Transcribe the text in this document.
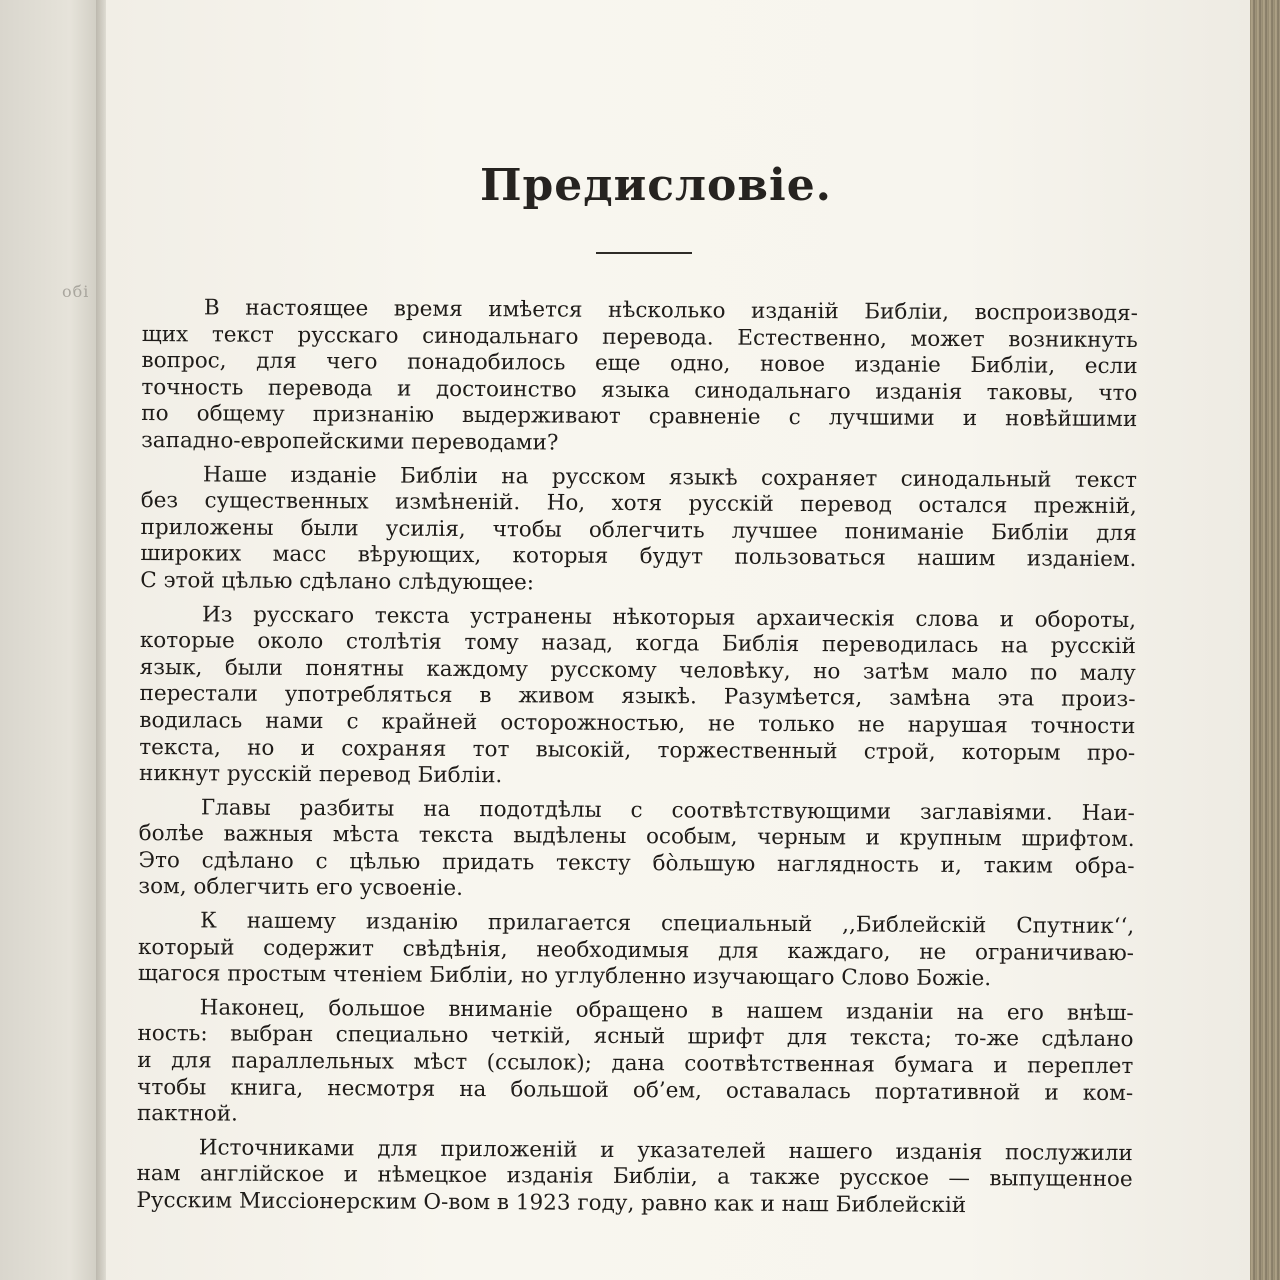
обі
Предисловіе.
В настоящее время имѣется нѣсколько изданій Библіи, воспроизводя-
щих текст русскаго синодальнаго перевода. Естественно, может возникнуть
вопрос, для чего понадобилось еще одно, новое изданіе Библіи, если
точность перевода и достоинство языка синодальнаго изданія таковы, что
по общему признанію выдерживают сравненіе с лучшими и новѣйшими
западно-европейскими переводами?
Наше изданіе Библіи на русском языкѣ сохраняет синодальный текст
без существенных измѣненій. Но, хотя русскій перевод остался прежній,
приложены были усилія, чтобы облегчить лучшее пониманіе Библіи для
широких масс вѣрующих, которыя будут пользоваться нашим изданіем.
С этой цѣлью сдѣлано слѣдующее:
Из русскаго текста устранены нѣкоторыя архаическія слова и обороты,
которые около столѣтія тому назад, когда Библія переводилась на русскій
язык, были понятны каждому русскому человѣку, но затѣм мало по малу
перестали употребляться в живом языкѣ. Разумѣется, замѣна эта произ-
водилась нами с крайней осторожностью, не только не нарушая точности
текста, но и сохраняя тот высокій, торжественный строй, которым про-
никнут русскій перевод Библіи.
Главы разбиты на подотдѣлы с соотвѣтствующими заглавіями. Наи-
болѣе важныя мѣста текста выдѣлены особым, черным и крупным шрифтом.
Это сдѣлано с цѣлью придать тексту бо̀льшую наглядность и, таким обра-
зом, облегчить его усвоеніе.
К нашему изданію прилагается специальный ,,Библейскій Спутник‘‘,
который содержит свѣдѣнія, необходимыя для каждаго, не ограничиваю-
щагося простым чтеніем Библіи, но углубленно изучающаго Слово Божіе.
Наконец, большое вниманіе обращено в нашем изданіи на его внѣш-
ность: выбран специально четкій, ясный шрифт для текста; то-же сдѣлано
и для параллельных мѣст (ссылок); дана соотвѣтственная бумага и переплет
чтобы книга, несмотря на большой об’ем, оставалась портативной и ком-
пактной.
Источниками для приложеній и указателей нашего изданія послужили
нам англійское и нѣмецкое изданія Библіи, а также русское — выпущенное
Русским Миссіонерским О-вом в 1923 году, равно как и наш Библейскій
